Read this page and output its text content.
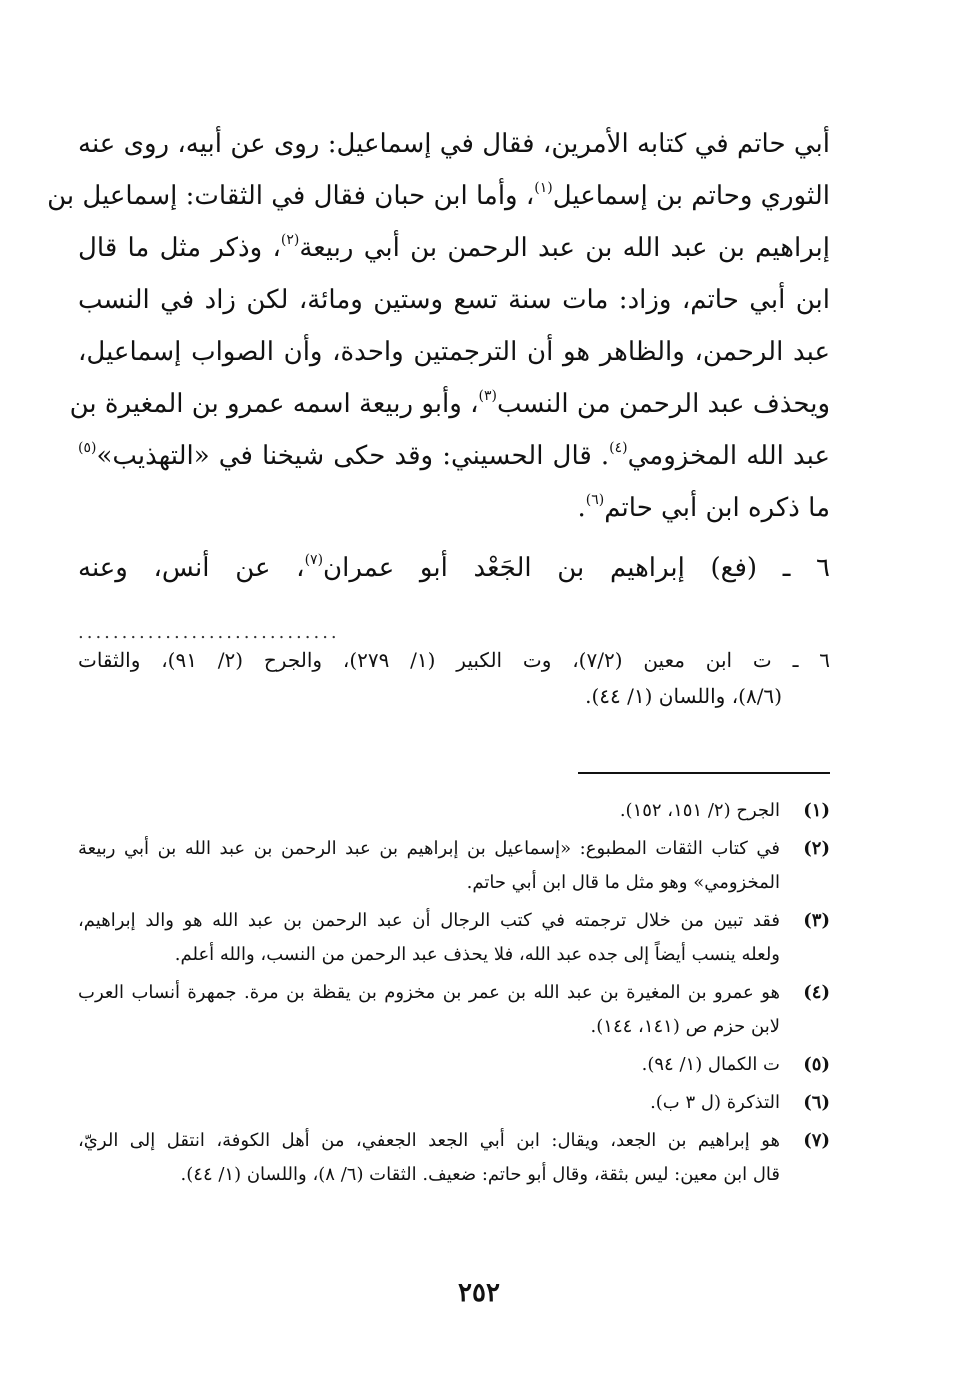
أبي حاتم في كتابه الأمرين، فقال في إسماعيل: روى عن أبيه، روى عنه
الثوري وحاتم بن إسماعيل$^{(١)}$، وأما ابن حبان فقال في الثقات: إسماعيل بن
إبراهيم بن عبد الله بن عبد الرحمن بن أبي ربيعة$^{(٢)}$، وذكر مثل ما قال
ابن أبي حاتم، وزاد: مات سنة تسع وستين ومائة، لكن زاد في النسب
عبد الرحمن، والظاهر هو أن الترجمتين واحدة، وأن الصواب إسماعيل،
ويحذف عبد الرحمن من النسب$^{(٣)}$، وأبو ربيعة اسمه عمرو بن المغيرة بن
عبد الله المخزومي$^{(٤)}$. قال الحسيني: وقد حكى شيخنا في «التهذيب»$^{(٥)}$
ما ذكره ابن أبي حاتم$^{(٦)}$.
٦ ـ (فع) إبراهيم بن الجَعْد أبو عمران$^{(٧)}$، عن أنس، وعنه
..............................
٦ ـ ت ابن معين (٧/٢)، وت الكبير (١/ ٢٧٩)، والجرح (٢/ ٩١)، والثقات
(٨/٦)، واللسان (١/ ٤٤).
(١)
الجرح (٢/ ١٥١، ١٥٢).
(٢)
في كتاب الثقات المطبوع: «إسماعيل بن إبراهيم بن عبد الرحمن بن عبد الله بن أبي ربيعة
المخزومي» وهو مثل ما قال ابن أبي حاتم.
(٣)
فقد تبين من خلال ترجمته في كتب الرجال أن عبد الرحمن بن عبد الله هو والد إبراهيم،
ولعله ينسب أيضاً إلى جده عبد الله، فلا يحذف عبد الرحمن من النسب، والله أعلم.
(٤)
هو عمرو بن المغيرة بن عبد الله بن عمر بن مخزوم بن يقظة بن مرة. جمهرة أنساب العرب
لابن حزم ص (١٤١، ١٤٤).
(٥)
ت الكمال (١/ ٩٤).
(٦)
التذكرة (ل ٣ ب).
(٧)
هو إبراهيم بن الجعد، ويقال: ابن أبي الجعد الجعفي، من أهل الكوفة، انتقل إلى الريّ،
قال ابن معين: ليس بثقة، وقال أبو حاتم: ضعيف. الثقات (٦/ ٨)، واللسان (١/ ٤٤).
٢٥٢
